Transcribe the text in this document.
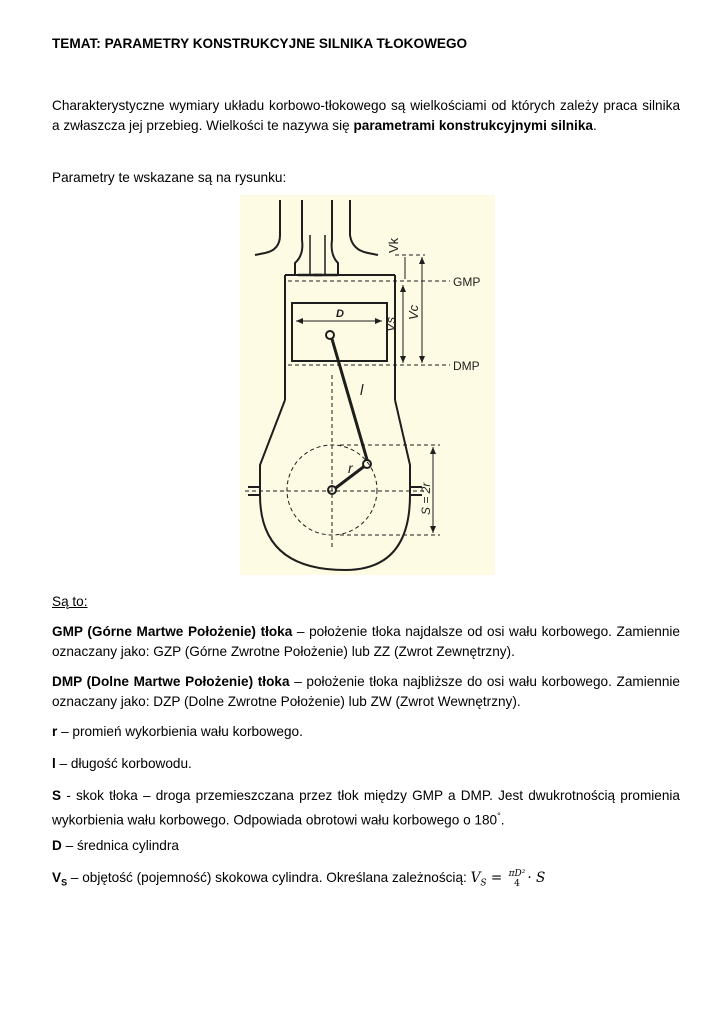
TEMAT: PARAMETRY KONSTRUKCYJNE SILNIKA TŁOKOWEGO

Charakterystyczne wymiary układu korbowo-tłokowego są wielkościami od których zależy praca silnika a zwłaszcza jej przebieg. Wielkości te nazywa się parametrami konstrukcyjnymi silnika.

Parametry te wskazane są na rysunku:

Vk
GMP
DMP
Vs
Vc
D
l
r
S = 2r

Są to:

GMP (Górne Martwe Położenie) tłoka – położenie tłoka najdalsze od osi wału korbowego. Zamiennie oznaczany jako: GZP (Górne Zwrotne Położenie) lub ZZ (Zwrot Zewnętrzny).

DMP (Dolne Martwe Położenie) tłoka – położenie tłoka najbliższe do osi wału korbowego. Zamiennie oznaczany jako: DZP (Dolne Zwrotne Położenie) lub ZW (Zwrot Wewnętrzny).

r – promień wykorbienia wału korbowego.

l – długość korbowodu.

S - skok tłoka – droga przemieszczana przez tłok między GMP a DMP. Jest dwukrotnością promienia wykorbienia wału korbowego. Odpowiada obrotowi wału korbowego o 180°.

D – średnica cylindra

$V_S$ – objętość (pojemność) skokowa cylindra. Określana zależnością: $V_S = \pi D^2$
4 · S
